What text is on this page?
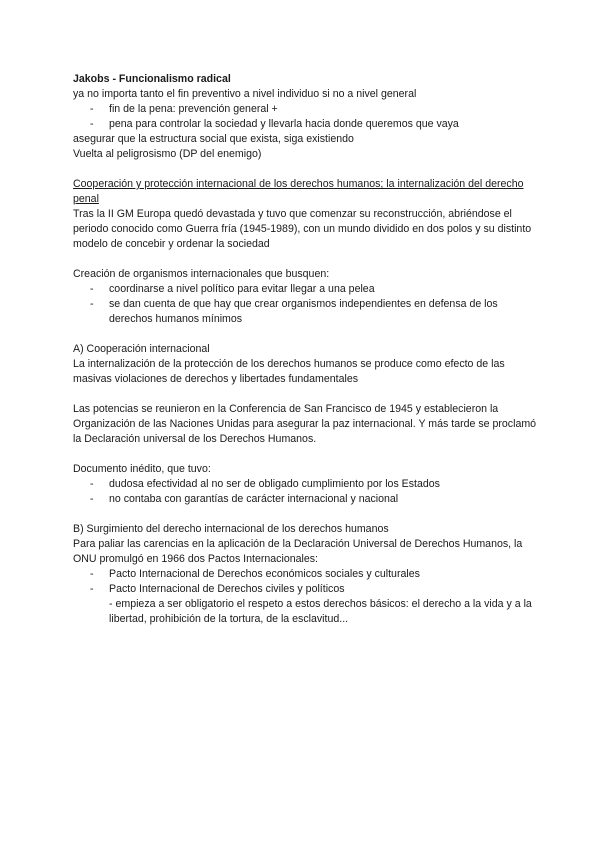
Jakobs - Funcionalismo radical

ya no importa tanto el fin preventivo a nivel individuo si no a nivel general

- fin de la pena: prevención general +
- pena para controlar la sociedad y llevarla hacia donde queremos que vaya

asegurar que la estructura social que exista, siga existiendo

Vuelta al peligrosismo (DP del enemigo)

Cooperación y protección internacional de los derechos humanos; la internalización del derecho penal

Tras la II GM Europa quedó devastada y tuvo que comenzar su reconstrucción, abriéndose el periodo conocido como Guerra fría (1945-1989), con un mundo dividido en dos polos y su distinto modelo de concebir y ordenar la sociedad

Creación de organismos internacionales que busquen:

- coordinarse a nivel político para evitar llegar a una pelea
- se dan cuenta de que hay que crear organismos independientes en defensa de los derechos humanos mínimos

A) Cooperación internacional

La internalización de la protección de los derechos humanos se produce como efecto de las masivas violaciones de derechos y libertades fundamentales

Las potencias se reunieron en la Conferencia de San Francisco de 1945 y establecieron la Organización de las Naciones Unidas para asegurar la paz internacional. Y más tarde se proclamó la Declaración universal de los Derechos Humanos.

Documento inédito, que tuvo:

- dudosa efectividad al no ser de obligado cumplimiento por los Estados
- no contaba con garantías de carácter internacional y nacional

B) Surgimiento del derecho internacional de los derechos humanos

Para paliar las carencias en la aplicación de la Declaración Universal de Derechos Humanos, la ONU promulgó en 1966 dos Pactos Internacionales:

- Pacto Internacional de Derechos económicos sociales y culturales
- Pacto Internacional de Derechos civiles y políticos

- empieza a ser obligatorio el respeto a estos derechos básicos: el derecho a la vida y a la libertad, prohibición de la tortura, de la esclavitud...
